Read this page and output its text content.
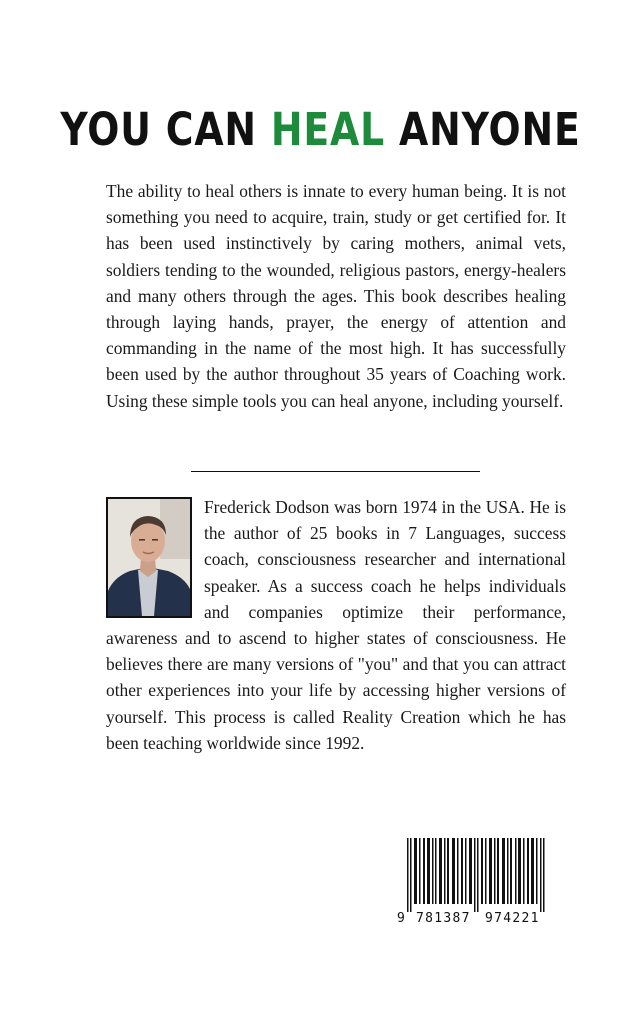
YOU CAN HEAL ANYONE

The ability to heal others is innate to every human being. It is not something you need to acquire, train, study or get certified for. It has been used instinctively by caring mothers, animal vets, soldiers tending to the wounded, religious pastors, energy-healers and many others through the ages. This book describes healing through laying hands, prayer, the energy of attention and commanding in the name of the most high. It has successfully been used by the author throughout 35 years of Coaching work. Using these simple tools you can heal anyone, including yourself.

Frederick Dodson was born 1974 in the USA. He is the author of 25 books in 7 Languages, success coach, consciousness researcher and international speaker. As a success coach he helps individuals and companies optimize their performance, awareness and to ascend to higher states of consciousness. He believes there are many versions of "you" and that you can attract other experiences into your life by accessing higher versions of yourself. This process is called Reality Creation which he has been teaching worldwide since 1992.

9 781387 974221
